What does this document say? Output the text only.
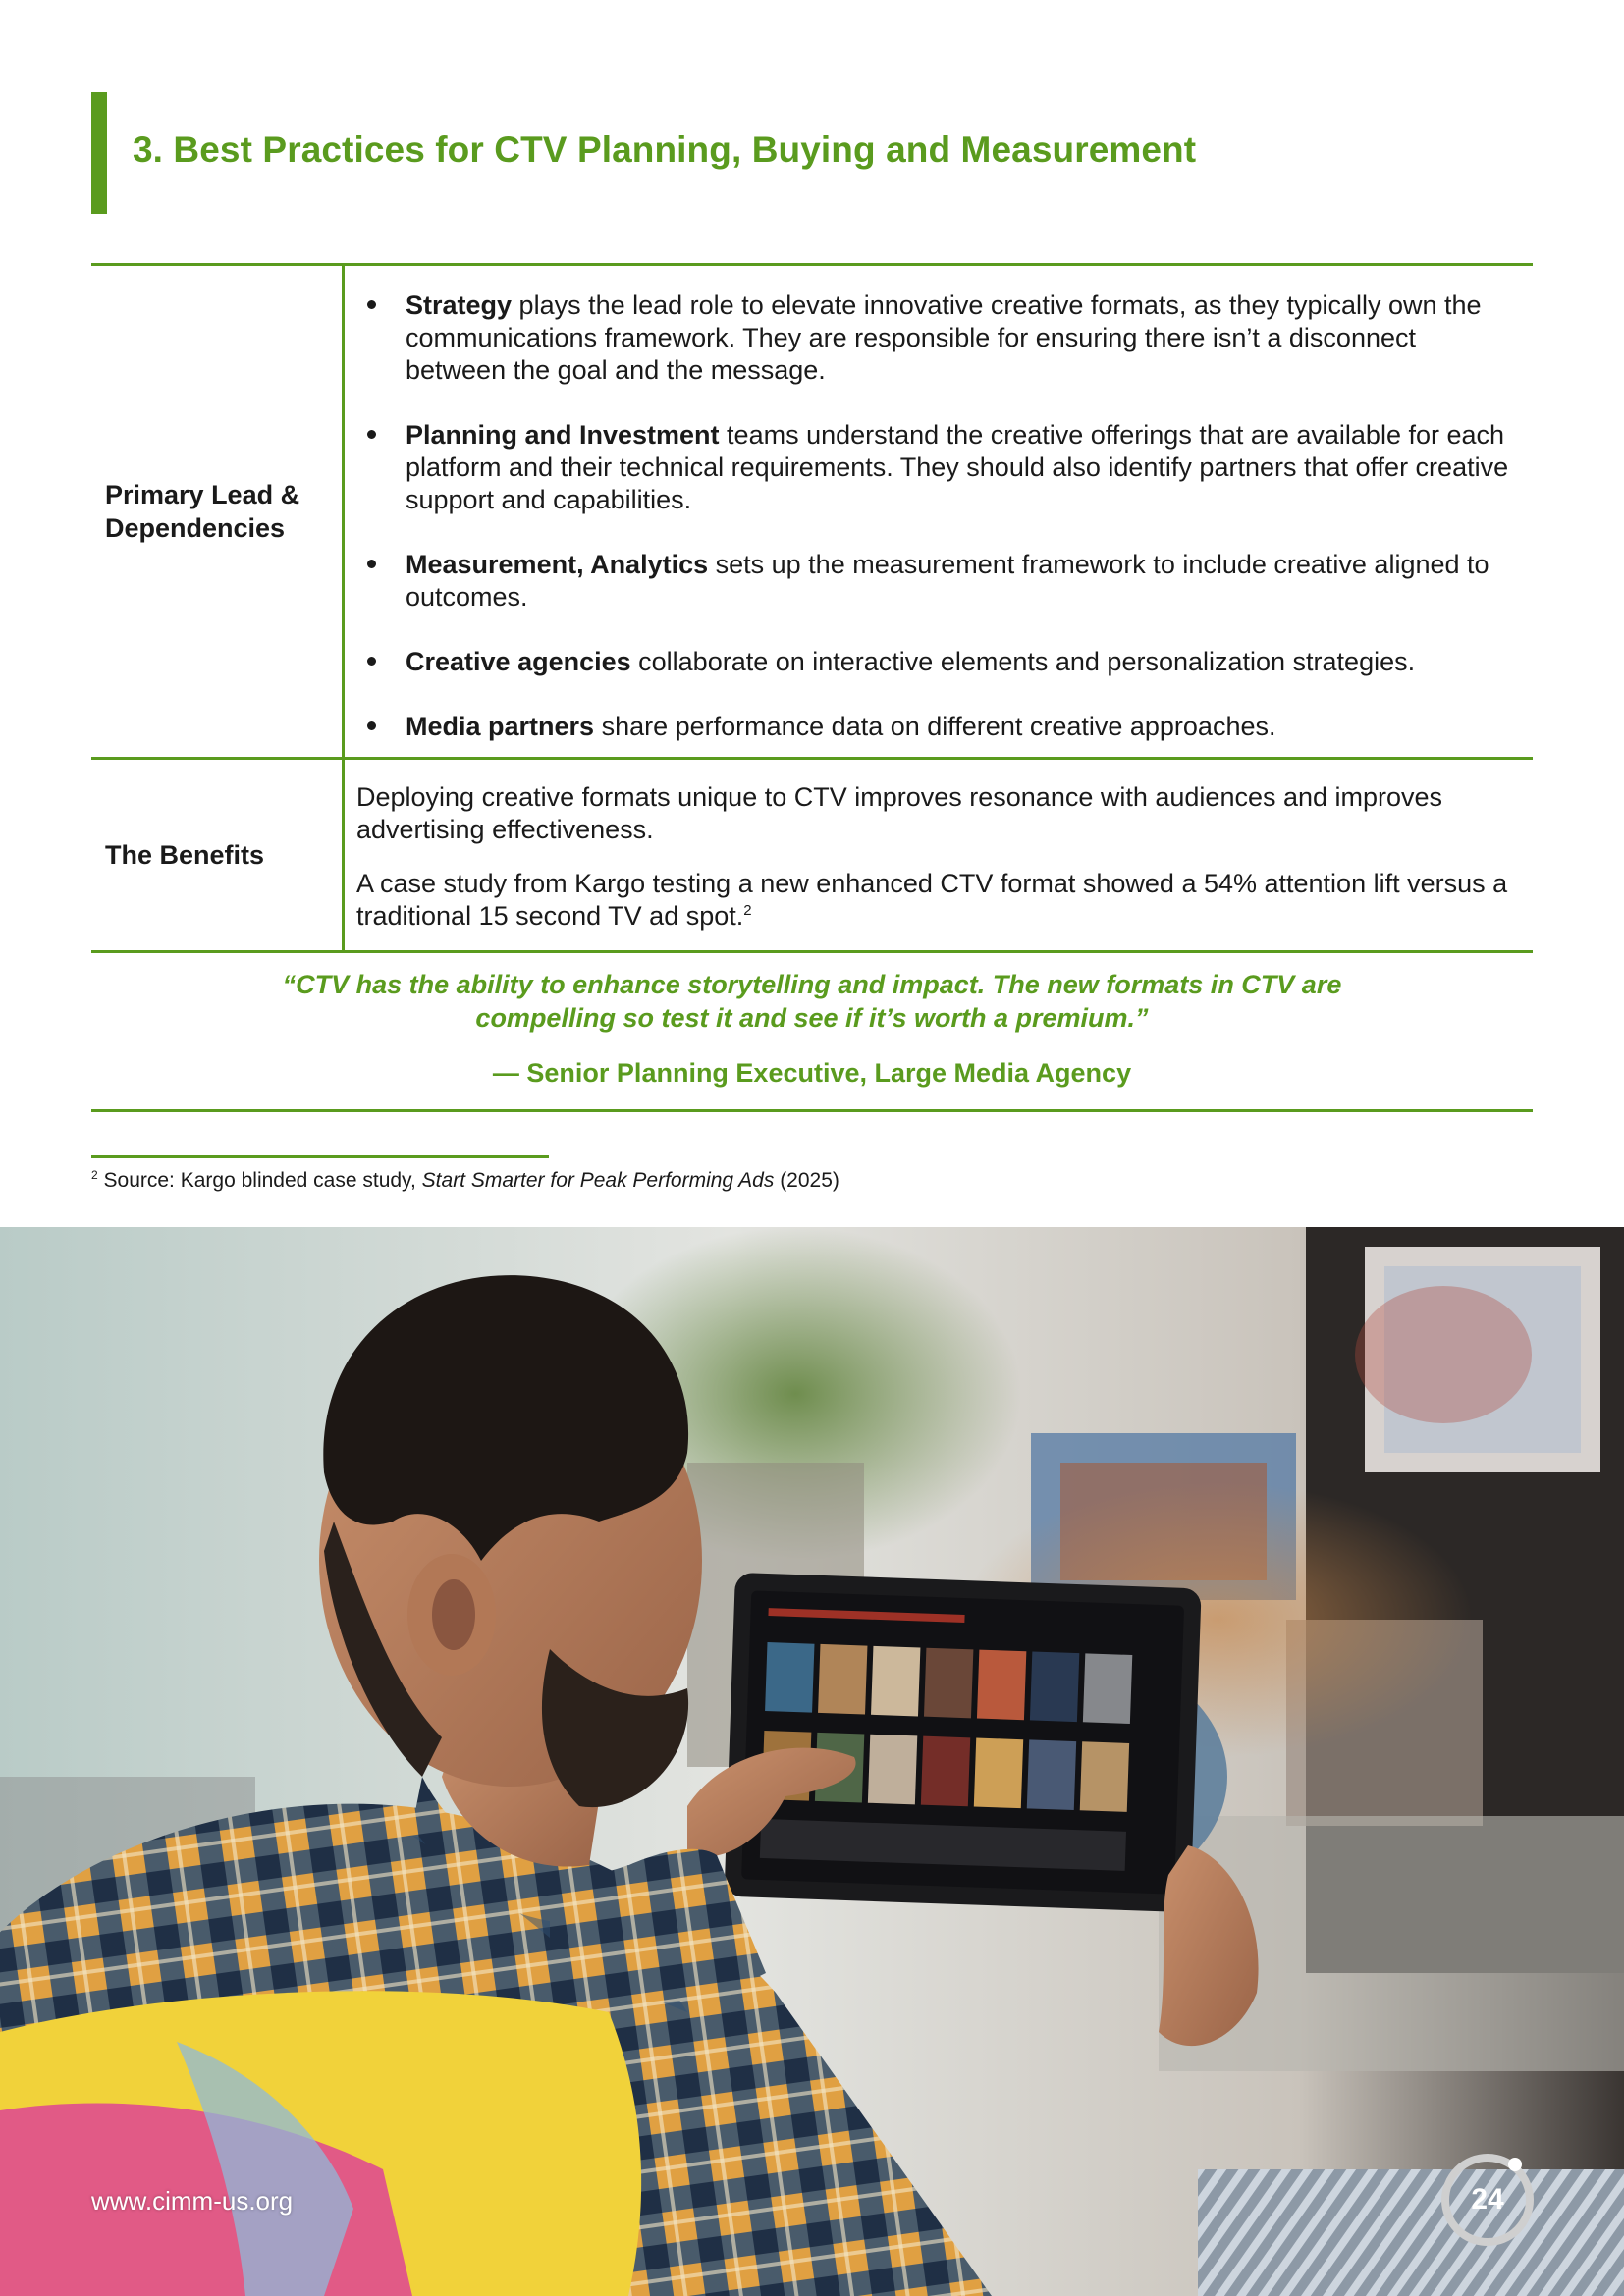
3. Best Practices for CTV Planning, Buying and Measurement
Primary Lead & Dependencies
Strategy plays the lead role to elevate innovative creative formats, as they typically own the communications framework. They are responsible for ensuring there isn’t a disconnect between the goal and the message.
Planning and Investment teams understand the creative offerings that are available for each platform and their technical requirements. They should also identify partners that offer creative support and capabilities.
Measurement, Analytics sets up the measurement framework to include creative aligned to outcomes.
Creative agencies collaborate on interactive elements and personalization strategies.
Media partners share performance data on different creative approaches.
The Benefits

Deploying creative formats unique to CTV improves resonance with audiences and improves advertising effectiveness.

A case study from Kargo testing a new enhanced CTV format showed a 54% attention lift versus a traditional 15 second TV ad spot.$^2$

“CTV has the ability to enhance storytelling and impact. The new formats in CTV are compelling so test it and see if it’s worth a premium.”

— Senior Planning Executive, Large Media Agency

$^2$ Source: Kargo blinded case study, Start Smarter for Peak Performing Ads (2025)
www.cimm-us.org	24
